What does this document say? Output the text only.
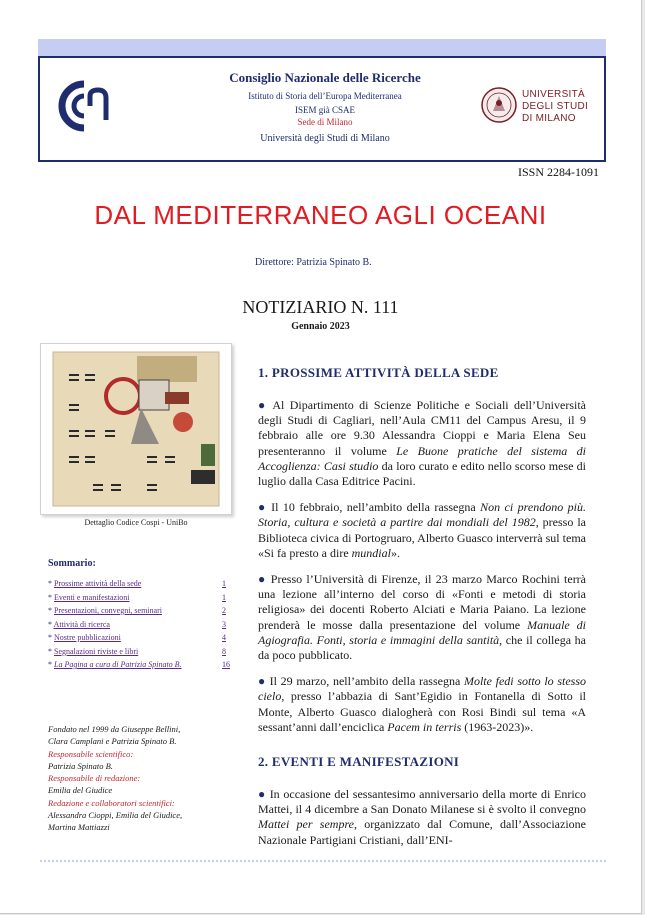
Consiglio Nazionale delle Ricerche
Istituto di Storia dell’Europa Mediterranea
ISEM già CSAE
Sede di Milano
Università degli Studi di Milano
UNIVERSITÀ
DEGLI STUDI
DI MILANO
ISSN 2284-1091
DAL MEDITERRANEO AGLI OCEANI
Direttore: Patrizia Spinato B.
NOTIZIARIO N. 111
Gennaio 2023
Dettaglio Codice Cospi - UniBo
Sommario:
* Prossime attività della sede	1
* Eventi e manifestazioni	1
* Presentazioni, convegni, seminari	2
* Attività di ricerca	3
* Nostre pubblicazioni	4
* Segnalazioni riviste e libri	8
* La Pagina a cura di Patrizia Spinato B.	16
Fondato nel 1999 da Giuseppe Bellini,
Clara Camplani e Patrizia Spinato B.
Responsabile scientifico:
Patrizia Spinato B.
Responsabile di redazione:
Emilia del Giudice
Redazione e collaboratori scientifici:
Alessandra Cioppi, Emilia del Giudice,
Martina Mattiazzi
1. PROSSIME ATTIVITÀ DELLA SEDE
● Al Dipartimento di Scienze Politiche e Sociali dell’Università degli Studi di Cagliari, nell’Aula CM11 del Campus Aresu, il 9 febbraio alle ore 9.30 Alessandra Cioppi e Maria Elena Seu presenteranno il volume Le Buone pratiche del sistema di Accoglienza: Casi studio da loro curato e edito nello scorso mese di luglio dalla Casa Editrice Pacini.
● Il 10 febbraio, nell’ambito della rassegna Non ci prendono più. Storia, cultura e società a partire dai mondiali del 1982, presso la Biblioteca civica di Portogruaro, Alberto Guasco interverrà sul tema «Si fa presto a dire mundial».
● Presso l’Università di Firenze, il 23 marzo Marco Rochini terrà una lezione all’interno del corso di «Fonti e metodi di storia religiosa» dei docenti Roberto Alciati e Maria Paiano. La lezione prenderà le mosse dalla presentazione del volume Manuale di Agiografia. Fonti, storia e immagini della santità, che il collega ha da poco pubblicato.
● Il 29 marzo, nell’ambito della rassegna Molte fedi sotto lo stesso cielo, presso l’abbazia di Sant’Egidio in Fontanella di Sotto il Monte, Alberto Guasco dialogherà con Rosi Bindi sul tema «A sessant’anni dall’enciclica Pacem in terris (1963-2023)».
2. EVENTI E MANIFESTAZIONI
● In occasione del sessantesimo anniversario della morte di Enrico Mattei, il 4 dicembre a San Donato Milanese si è svolto il convegno Mattei per sempre, organizzato dal Comune, dall’Associazione Nazionale Partigiani Cristiani, dall’ENI-
